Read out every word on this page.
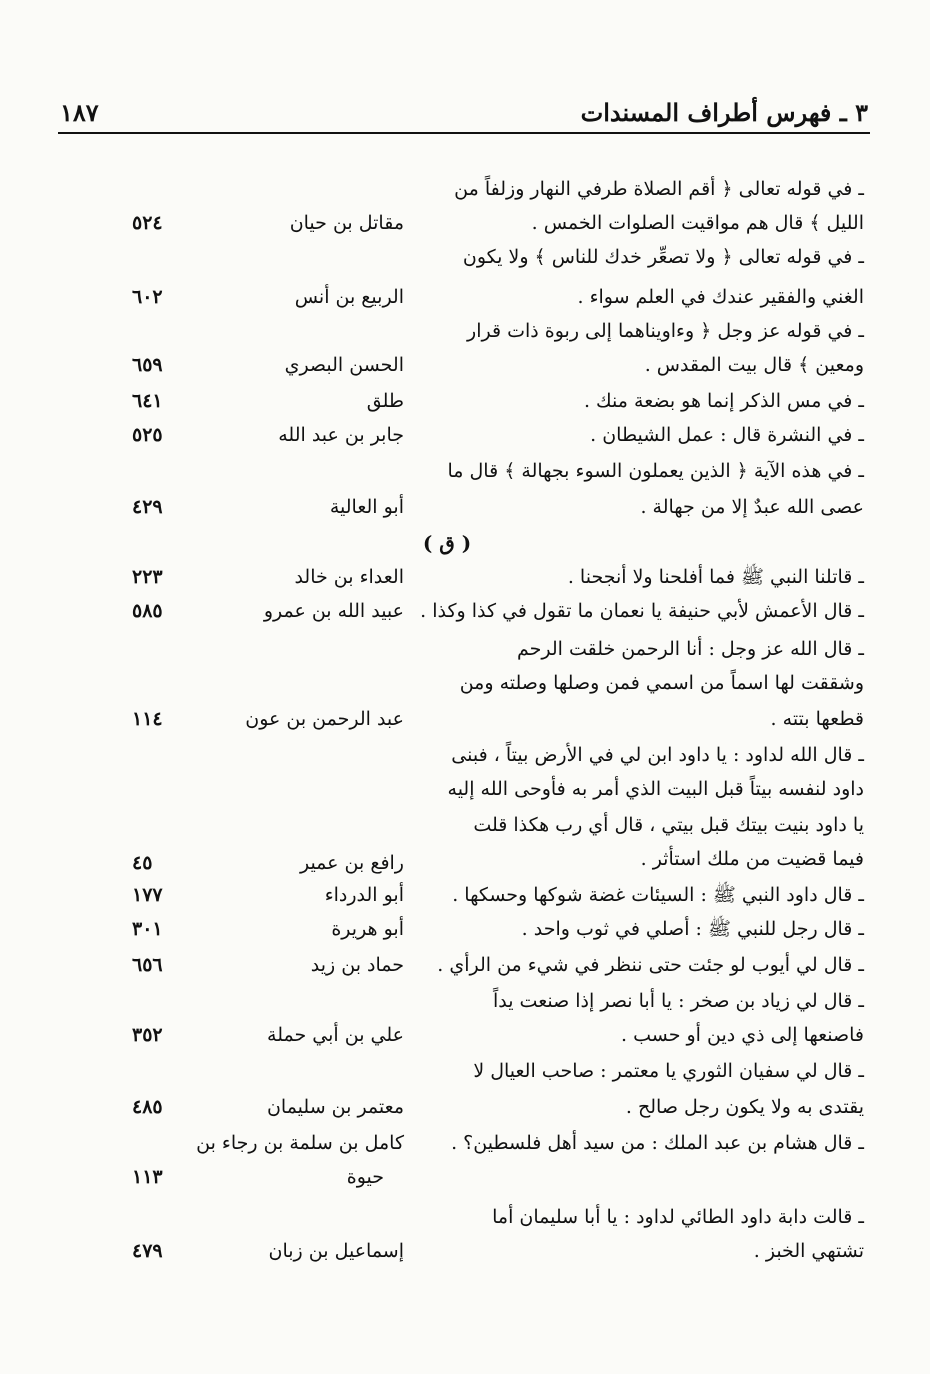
٣ ـ فهرس أطراف المسندات
١٨٧
ـ في قوله تعالى ﴿ أقم الصلاة طرفي النهار وزلفاً من
الليل ﴾ قال هم مواقيت الصلوات الخمس .
مقاتل بن حيان
٥٢٤
ـ في قوله تعالى ﴿ ولا تصعِّر خدك للناس ﴾ ولا يكون
الغني والفقير عندك في العلم سواء .
الربيع بن أنس
٦٠٢
ـ في قوله عز وجل ﴿ وءاويناهما إلى ربوة ذات قرار
ومعين ﴾ قال بيت المقدس .
الحسن البصري
٦٥٩
ـ في مس الذكر إنما هو بضعة منك .
طلق
٦٤١
ـ في النشرة قال : عمل الشيطان .
جابر بن عبد الله
٥٢٥
ـ في هذه الآية ﴿ الذين يعملون السوء بجهالة ﴾ قال ما
عصى الله عبدٌ إلا من جهالة .
أبو العالية
٤٢٩
( ق )
ـ قاتلنا النبي ﷺ فما أفلحنا ولا أنجحنا .
العداء بن خالد
٢٢٣
ـ قال الأعمش لأبي حنيفة يا نعمان ما تقول في كذا وكذا .
عبيد الله بن عمرو
٥٨٥
ـ قال الله عز وجل : أنا الرحمن خلقت الرحم
وشققت لها اسماً من اسمي فمن وصلها وصلته ومن
قطعها بتته .
عبد الرحمن بن عون
١١٤
ـ قال الله لداود : يا داود ابن لي في الأرض بيتاً ، فبنى
داود لنفسه بيتاً قبل البيت الذي أمر به فأوحى الله إليه
يا داود بنيت بيتك قبل بيتي ، قال أي رب هكذا قلت
فيما قضيت من ملك استأثر .
رافع بن عمير
٤٥
ـ قال داود النبي ﷺ : السيئات غضة شوكها وحسكها .
أبو الدرداء
١٧٧
ـ قال رجل للنبي ﷺ : أصلي في ثوب واحد .
أبو هريرة
٣٠١
ـ قال لي أيوب لو جئت حتى ننظر في شيء من الرأي .
حماد بن زيد
٦٥٦
ـ قال لي زياد بن صخر : يا أبا نصر إذا صنعت يداً
فاصنعها إلى ذي دين أو حسب .
علي بن أبي حملة
٣٥٢
ـ قال لي سفيان الثوري يا معتمر : صاحب العيال لا
يقتدى به ولا يكون رجل صالح .
معتمر بن سليمان
٤٨٥
ـ قال هشام بن عبد الملك : من سيد أهل فلسطين؟ .
كامل بن سلمة بن رجاء بن
حيوة
١١٣
ـ قالت دابة داود الطائي لداود : يا أبا سليمان أما
تشتهي الخبز .
إسماعيل بن زبان
٤٧٩
